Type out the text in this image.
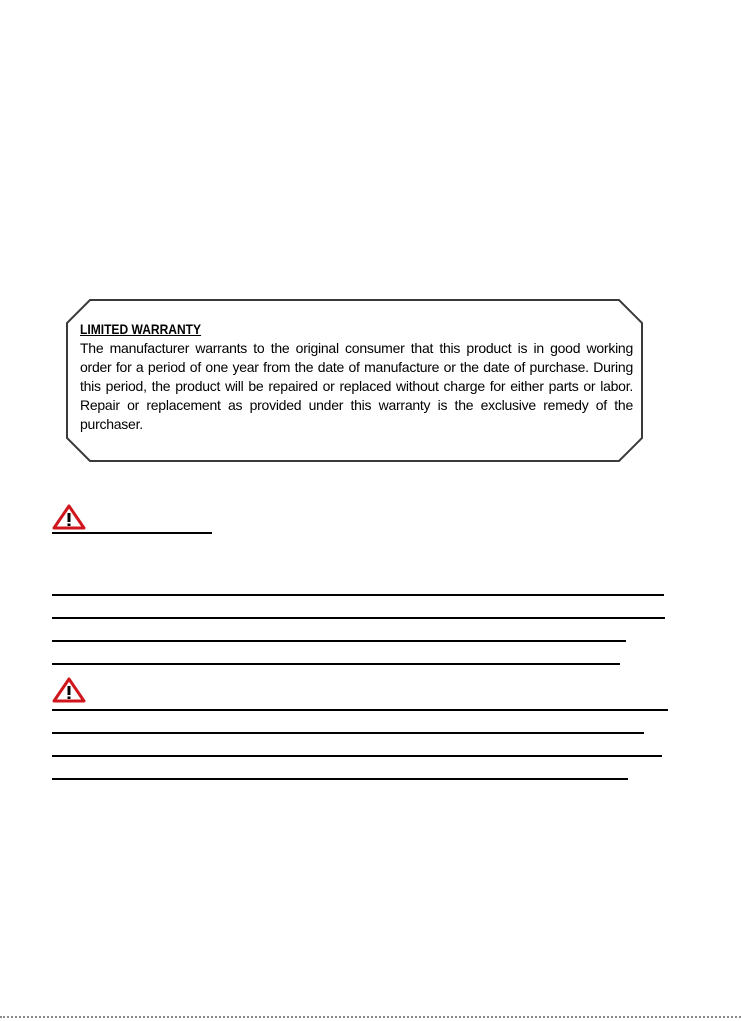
LIMITED WARRANTY
The manufacturer warrants to the original consumer that this product is in good working order for a period of one year from the date of manufacture or the date of purchase. During this period, the product will be repaired or replaced without charge for either parts or labor. Repair or replacement as provided under this warranty is the exclusive remedy of the purchaser.
